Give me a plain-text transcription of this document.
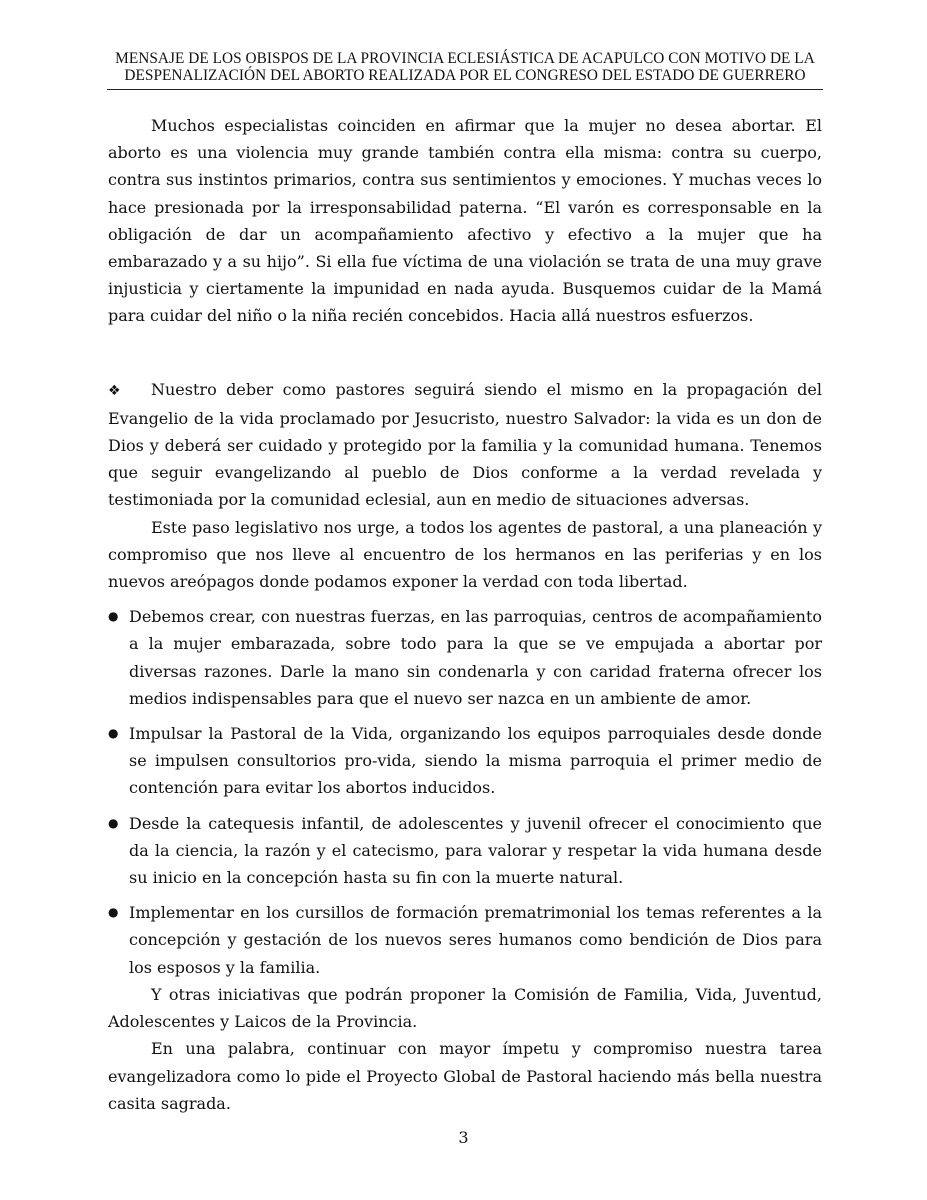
MENSAJE DE LOS OBISPOS DE LA PROVINCIA ECLESIÁSTICA DE ACAPULCO CON MOTIVO DE LA
DESPENALIZACIÓN DEL ABORTO REALIZADA POR EL CONGRESO DEL ESTADO DE GUERRERO

Muchos especialistas coinciden en afirmar que la mujer no desea abortar. El aborto es una violencia muy grande también contra ella misma: contra su cuerpo, contra sus instintos primarios, contra sus sentimientos y emociones. Y muchas veces lo hace presionada por la irresponsabilidad paterna. “El varón es corresponsable en la obligación de dar un acompañamiento afectivo y efectivo a la mujer que ha embarazado y a su hijo”. Si ella fue víctima de una violación se trata de una muy grave injusticia y ciertamente la impunidad en nada ayuda. Busquemos cuidar de la Mamá para cuidar del niño o la niña recién concebidos. Hacia allá nuestros esfuerzos.

❖ Nuestro deber como pastores seguirá siendo el mismo en la propagación del Evangelio de la vida proclamado por Jesucristo, nuestro Salvador: la vida es un don de Dios y deberá ser cuidado y protegido por la familia y la comunidad humana. Tenemos que seguir evangelizando al pueblo de Dios conforme a la verdad revelada y testimoniada por la comunidad eclesial, aun en medio de situaciones adversas.

Este paso legislativo nos urge, a todos los agentes de pastoral, a una planeación y compromiso que nos lleve al encuentro de los hermanos en las periferias y en los nuevos areópagos donde podamos exponer la verdad con toda libertad.

● Debemos crear, con nuestras fuerzas, en las parroquias, centros de acompañamiento a la mujer embarazada, sobre todo para la que se ve empujada a abortar por diversas razones. Darle la mano sin condenarla y con caridad fraterna ofrecer los medios indispensables para que el nuevo ser nazca en un ambiente de amor.
● Impulsar la Pastoral de la Vida, organizando los equipos parroquiales desde donde se impulsen consultorios pro-vida, siendo la misma parroquia el primer medio de contención para evitar los abortos inducidos.
● Desde la catequesis infantil, de adolescentes y juvenil ofrecer el conocimiento que da la ciencia, la razón y el catecismo, para valorar y respetar la vida humana desde su inicio en la concepción hasta su fin con la muerte natural.
● Implementar en los cursillos de formación prematrimonial los temas referentes a la concepción y gestación de los nuevos seres humanos como bendición de Dios para los esposos y la familia.

Y otras iniciativas que podrán proponer la Comisión de Familia, Vida, Juventud, Adolescentes y Laicos de la Provincia.

En una palabra, continuar con mayor ímpetu y compromiso nuestra tarea evangelizadora como lo pide el Proyecto Global de Pastoral haciendo más bella nuestra casita sagrada.

3
